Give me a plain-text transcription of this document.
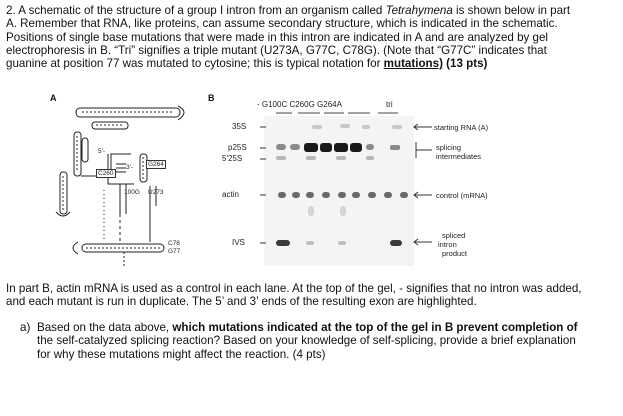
2. A schematic of the structure of a group I intron from an organism called Tetrahymena is shown below in part
A. Remember that RNA, like proteins, can assume secondary structure, which is indicated in the schematic.
Positions of single base mutations that were made in this intron are indicated in A and are analyzed by gel
electrophoresis in B. “Tri” signifies a triple mutant (U273A, G77C, C78G). (Note that “G77C” indicates that
guanine at position 77 was mutated to cytosine; this is typical notation for mutations) (13 pts)
A
5'-
3'-
C260
G264
100G U273
C78
G77
B
- G100C C260G G264A	tri
35S
p25S
5'25S
actin
IVS
starting RNA (A)
splicing
intermediates
control (mRNA)
spliced
intron
product
In part B, actin mRNA is used as a control in each lane. At the top of the gel, - signifies that no intron was added,
and each mutant is run in duplicate. The 5’ and 3’ ends of the resulting exon are highlighted.
a) Based on the data above, which mutations indicated at the top of the gel in B prevent completion of
the self-catalyzed splicing reaction? Based on your knowledge of self-splicing, provide a brief explanation
for why these mutations might affect the reaction. (4 pts)
